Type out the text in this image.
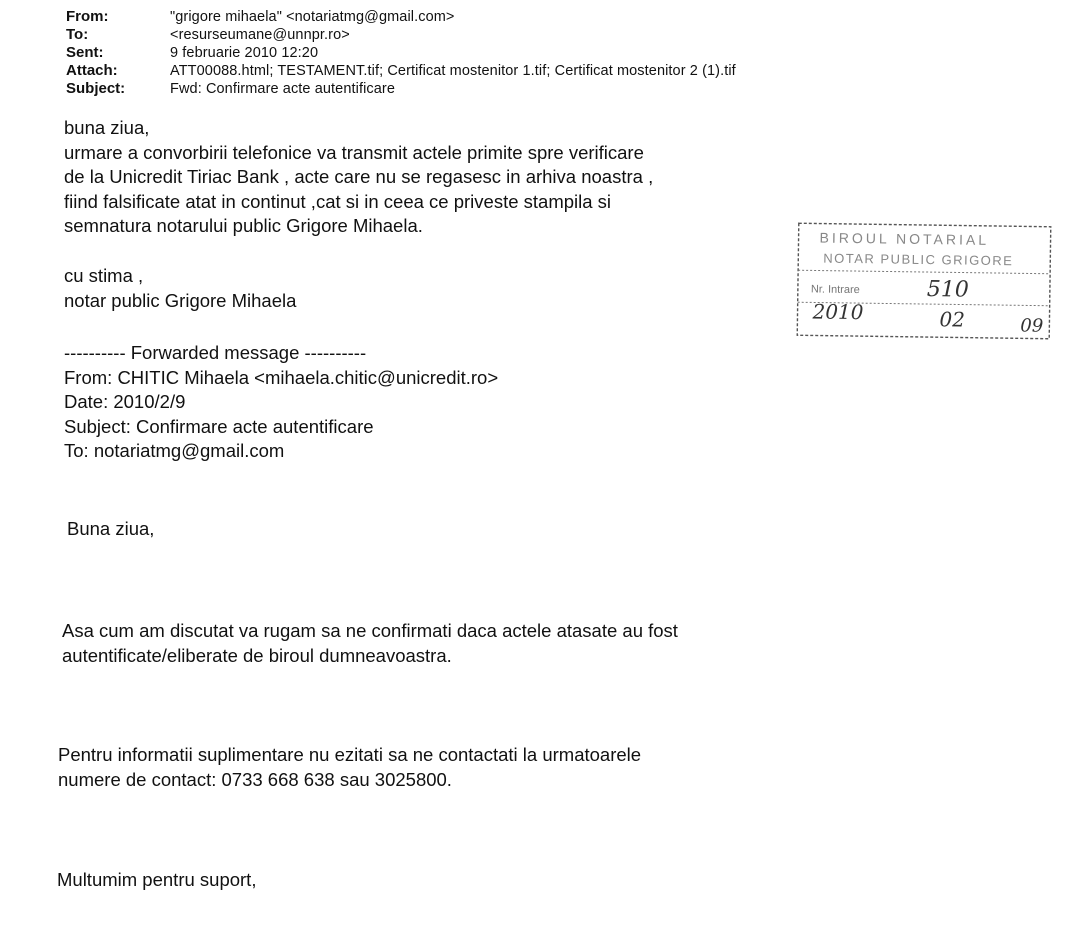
From:	"grigore mihaela" <notariatmg@gmail.com>
To:	<resurseumane@unnpr.ro>
Sent:	9 februarie 2010 12:20
Attach:	ATT00088.html; TESTAMENT.tif; Certificat mostenitor 1.tif; Certificat mostenitor 2 (1).tif
Subject:	Fwd: Confirmare acte autentificare
buna ziua,
urmare a convorbirii telefonice va transmit actele primite spre verificare
de la Unicredit Tiriac Bank , acte care nu se regasesc in arhiva noastra ,
fiind falsificate atat in continut ,cat si in ceea ce priveste stampila si
semnatura notarului public Grigore Mihaela.
cu stima ,
notar public Grigore Mihaela
BIROUL NOTARIAL
NOTAR PUBLIC GRIGORE
Nr. Intrare	510
2010	02	09
---------- Forwarded message ----------
From: CHITIC Mihaela <mihaela.chitic@unicredit.ro>
Date: 2010/2/9
Subject: Confirmare acte autentificare
To: notariatmg@gmail.com
Buna ziua,
Asa cum am discutat va rugam sa ne confirmati daca actele atasate au fost
autentificate/eliberate de biroul dumneavoastra.
Pentru informatii suplimentare nu ezitati sa ne contactati la urmatoarele
numere de contact: 0733 668 638 sau 3025800.
Multumim pentru suport,
